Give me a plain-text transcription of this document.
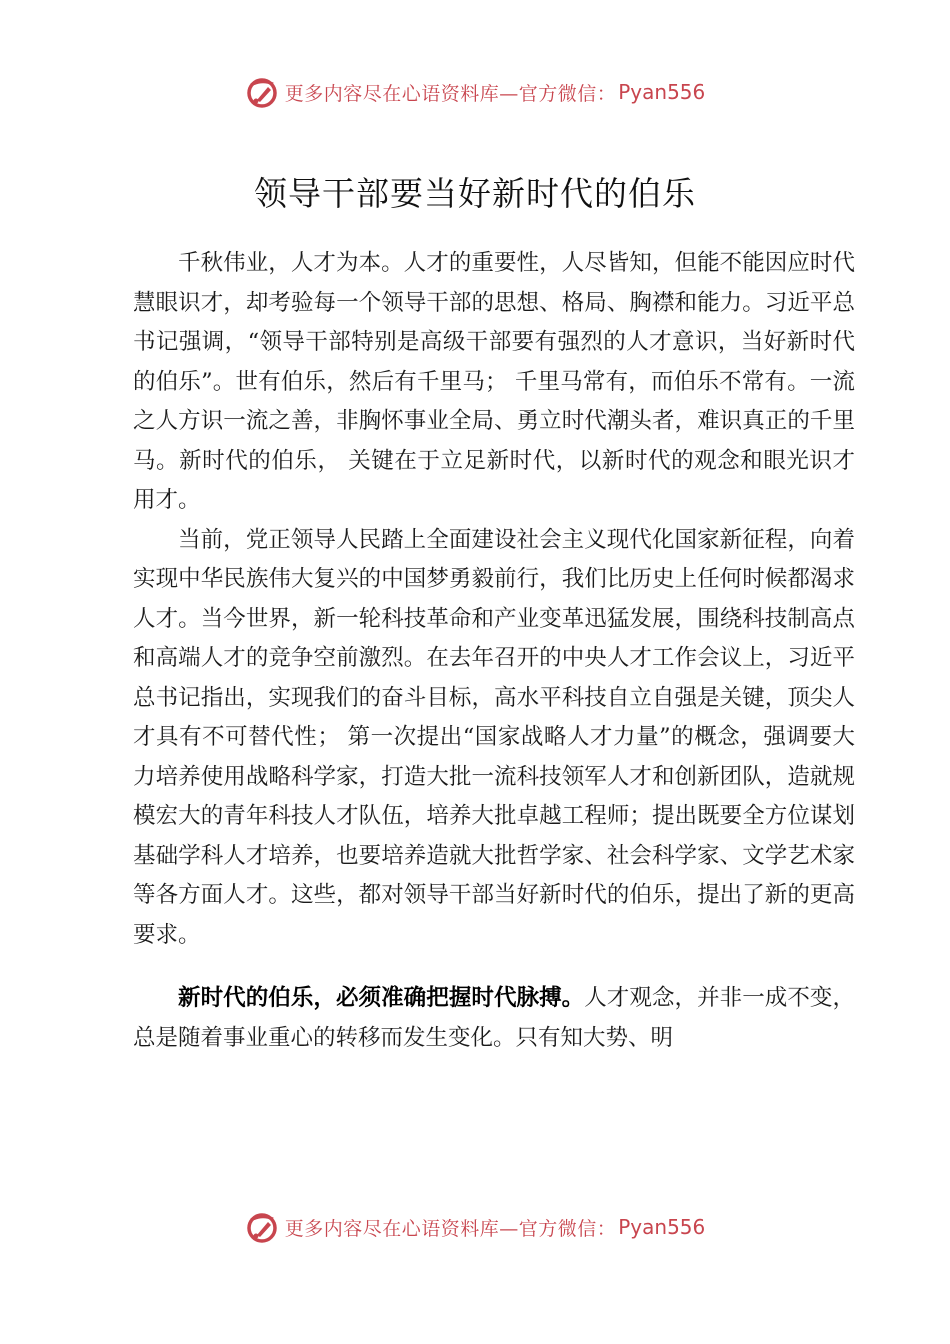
更多内容尽在心语资料库—官方微信： Pyan556
领导干部要当好新时代的伯乐

千秋伟业，人才为本。人才的重要性，人尽皆知，但能不能因应时代慧眼识才，却考验每一个领导干部的思想、格局、胸襟和能力。习近平总书记强调，“领导干部特别是高级干部要有强烈的人才意识，当好新时代的伯乐”。世有伯乐，然后有千里马； 千里马常有，而伯乐不常有。一流之人方识一流之善，非胸怀事业全局、勇立时代潮头者，难识真正的千里马。新时代的伯乐， 关键在于立足新时代，以新时代的观念和眼光识才用才。

当前，党正领导人民踏上全面建设社会主义现代化国家新征程，向着实现中华民族伟大复兴的中国梦勇毅前行，我们比历史上任何时候都渴求人才。当今世界，新一轮科技革命和产业变革迅猛发展，围绕科技制高点和高端人才的竞争空前激烈。在去年召开的中央人才工作会议上，习近平总书记指出，实现我们的奋斗目标，高水平科技自立自强是关键，顶尖人才具有不可替代性； 第一次提出“国家战略人才力量”的概念，强调要大力培养使用战略科学家，打造大批一流科技领军人才和创新团队，造就规模宏大的青年科技人才队伍，培养大批卓越工程师；提出既要全方位谋划基础学科人才培养，也要培养造就大批哲学家、社会科学家、文学艺术家等各方面人才。这些，都对领导干部当好新时代的伯乐，提出了新的更高要求。

新时代的伯乐，必须准确把握时代脉搏。人才观念，并非一成不变，总是随着事业重心的转移而发生变化。只有知大势、明

更多内容尽在心语资料库—官方微信： Pyan556
